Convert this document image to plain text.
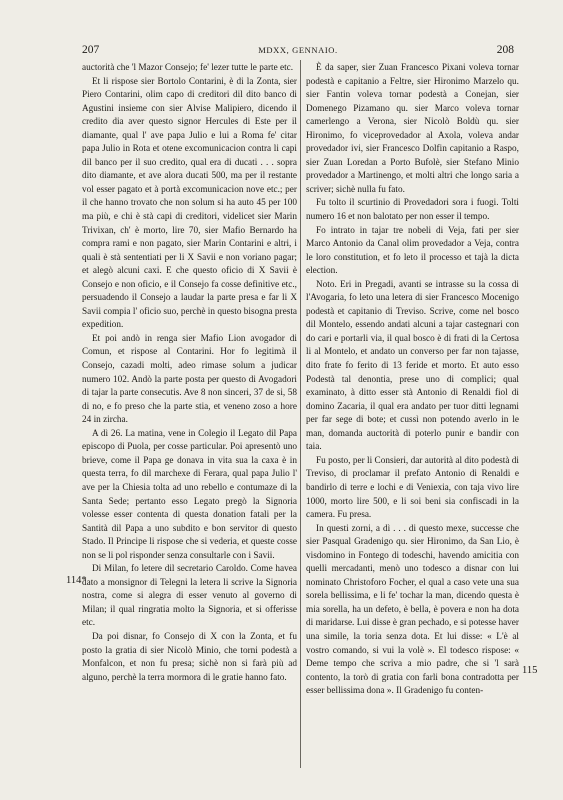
207	MDXX, GENNAIO.	208

auctorità che 'l Mazor Consejo; fe' lezer tutte le parte etc.

Et li rispose sier Bortolo Contarini, è di la Zonta, sier Piero Contarini, olim capo di creditori dil dito banco di Agustini insieme con sier Alvise Malipiero, dicendo il credito dia aver questo signor Hercules di Este per il diamante, qual l' ave papa Julio e lui a Roma fe' citar papa Julio in Rota et otene excomunicacion contra li capi dil banco per il suo credito, qual era di ducati . . . sopra dito diamante, et ave alora ducati 500, ma per il restante vol esser pagato et à portà excomunicacion nove etc.; per il che hanno trovato che non solum si ha auto 45 per 100 ma più, e chi è stà capi di creditori, videlicet sier Marin Trivixan, ch' è morto, lire 70, sier Mafio Bernardo ha compra rami e non pagato, sier Marin Contarini e altri, i quali è stà sententiati per li X Savii e non voriano pagar; et alegò alcuni caxi. E che questo oficio di X Savii è Consejo e non oficio, e il Consejo fa cosse definitive etc., persuadendo il Consejo a laudar la parte presa e far li X Savii compia l' oficio suo, perchè in questo bisogna presta expedition.

Et poi andò in renga sier Mafio Lion avogador di Comun, et rispose al Contarini. Hor fo legitimà il Consejo, cazadi molti, adeo rimase solum a judicar numero 102. Andò la parte posta per questo di Avogadori di tajar la parte consecutis. Ave 8 non sinceri, 37 de si, 58 di no, e fo preso che la parte stia, et veneno zoso a hore 24 in zircha.

A dì 26. La matina, vene in Colegio il Legato dil Papa episcopo di Puola, per cosse particular. Poi apresentò uno brieve, come il Papa ge donava in vita sua la caxa è in questa terra, fo dil marchexe di Ferara, qual papa Julio l' ave per la Chiesia tolta ad uno rebello e contumaze di la Santa Sede; pertanto esso Legato pregò la Signoria volesse esser contenta di questa donation fatali per la Santità dil Papa a uno subdito e bon servitor di questo Stado. Il Principe li rispose che si vederia, et queste cosse non se li pol risponder senza consultarle con i Savii.

Di Milan, fo letere dil secretario Caroldo. Come havea dato a monsignor di Telegni la letera li scrive la Signoria nostra, come si alegra di esser venuto al governo di Milan; il qual ringratia molto la Signoria, et si offerisse etc.

Da poi disnar, fo Consejo di X con la Zonta, et fu posto la gratia di sier Nicolò Minio, che torni podestà a Monfalcon, et non fu presa; sichè non si farà più ad alguno, perchè la terra mormora di le gratie hanno fato.

È da saper, sier Zuan Francesco Pixani voleva tornar podestà e capitanio a Feltre, sier Hironimo Marzelo qu. sier Fantin voleva tornar podestà a Conejan, sier Domenego Pizamano qu. sier Marco voleva tornar camerlengo a Verona, sier Nicolò Boldù qu. sier Hironimo, fo viceprovedador al Axola, voleva andar provedador ivi, sier Francesco Dolfin capitanio a Raspo, sier Zuan Loredan a Porto Bufolè, sier Stefano Minio provedador a Martinengo, et molti altri che longo saria a scriver; sichè nulla fu fato.

Fu tolto il scurtinio di Provedadori sora i fuogi. Tolti numero 16 et non balotato per non esser il tempo.

Fo intrato in tajar tre nobeli di Veja, fati per sier Marco Antonio da Canal olim provedador a Veja, contra le loro constitution, et fo leto il processo et tajà la dicta election.

Noto. Eri in Pregadi, avanti se intrasse su la cossa di l'Avogaria, fo leto una letera di sier Francesco Mocenigo podestà et capitanio di Treviso. Scrive, come nel bosco dil Montelo, essendo andati alcuni a tajar castegnari con do cari e portarli via, il qual bosco è di frati di la Certosa li al Montelo, et andato un converso per far non tajasse, dito frate fo ferito di 13 feride et morto. Et auto esso Podestà tal denontia, prese uno di complici; qual examinato, à ditto esser stà Antonio di Renaldi fiol di domino Zacaria, il qual era andato per tuor ditti legnami per far segе di bote; et cussì non potendo averlo in le man, domanda auctorità di poterlo punir e bandir con taia.

Fu posto, per li Consieri, dar autorità al dito podestà di Treviso, di proclamar il prefato Antonio di Renaldi e bandirlo di terre e lochi e di Veniexia, con taja vivo lire 1000, morto lire 500, e li soi beni sia confiscadi in la camera. Fu presa.

In questi zorni, a dì . . . di questo mexe, successe che sier Pasqual Gradenigo qu. sier Hironimo, da San Lio, è visdomino in Fontego di todeschi, havendo amicitia con quelli mercadanti, menò uno todesco a disnar con lui nominato Christoforo Focher, el qual a caso vete una sua sorela bellissima, e li fe' tochar la man, dicendo questa è mia sorella, ha un defeto, è bella, è povera e non ha dota di maridarse. Lui disse è gran pechado, e si potesse haver una simile, la toria senza dota. Et lui disse: « L'è al vostro comando, si vui la volè ». El todesco rispose: « Deme tempo che scriva a mio padre, che si 'l sarà contento, la torò di gratia con farli bona contradotta per esser bellissima dona ». Il Gradenigo fu conten-

114*
115
